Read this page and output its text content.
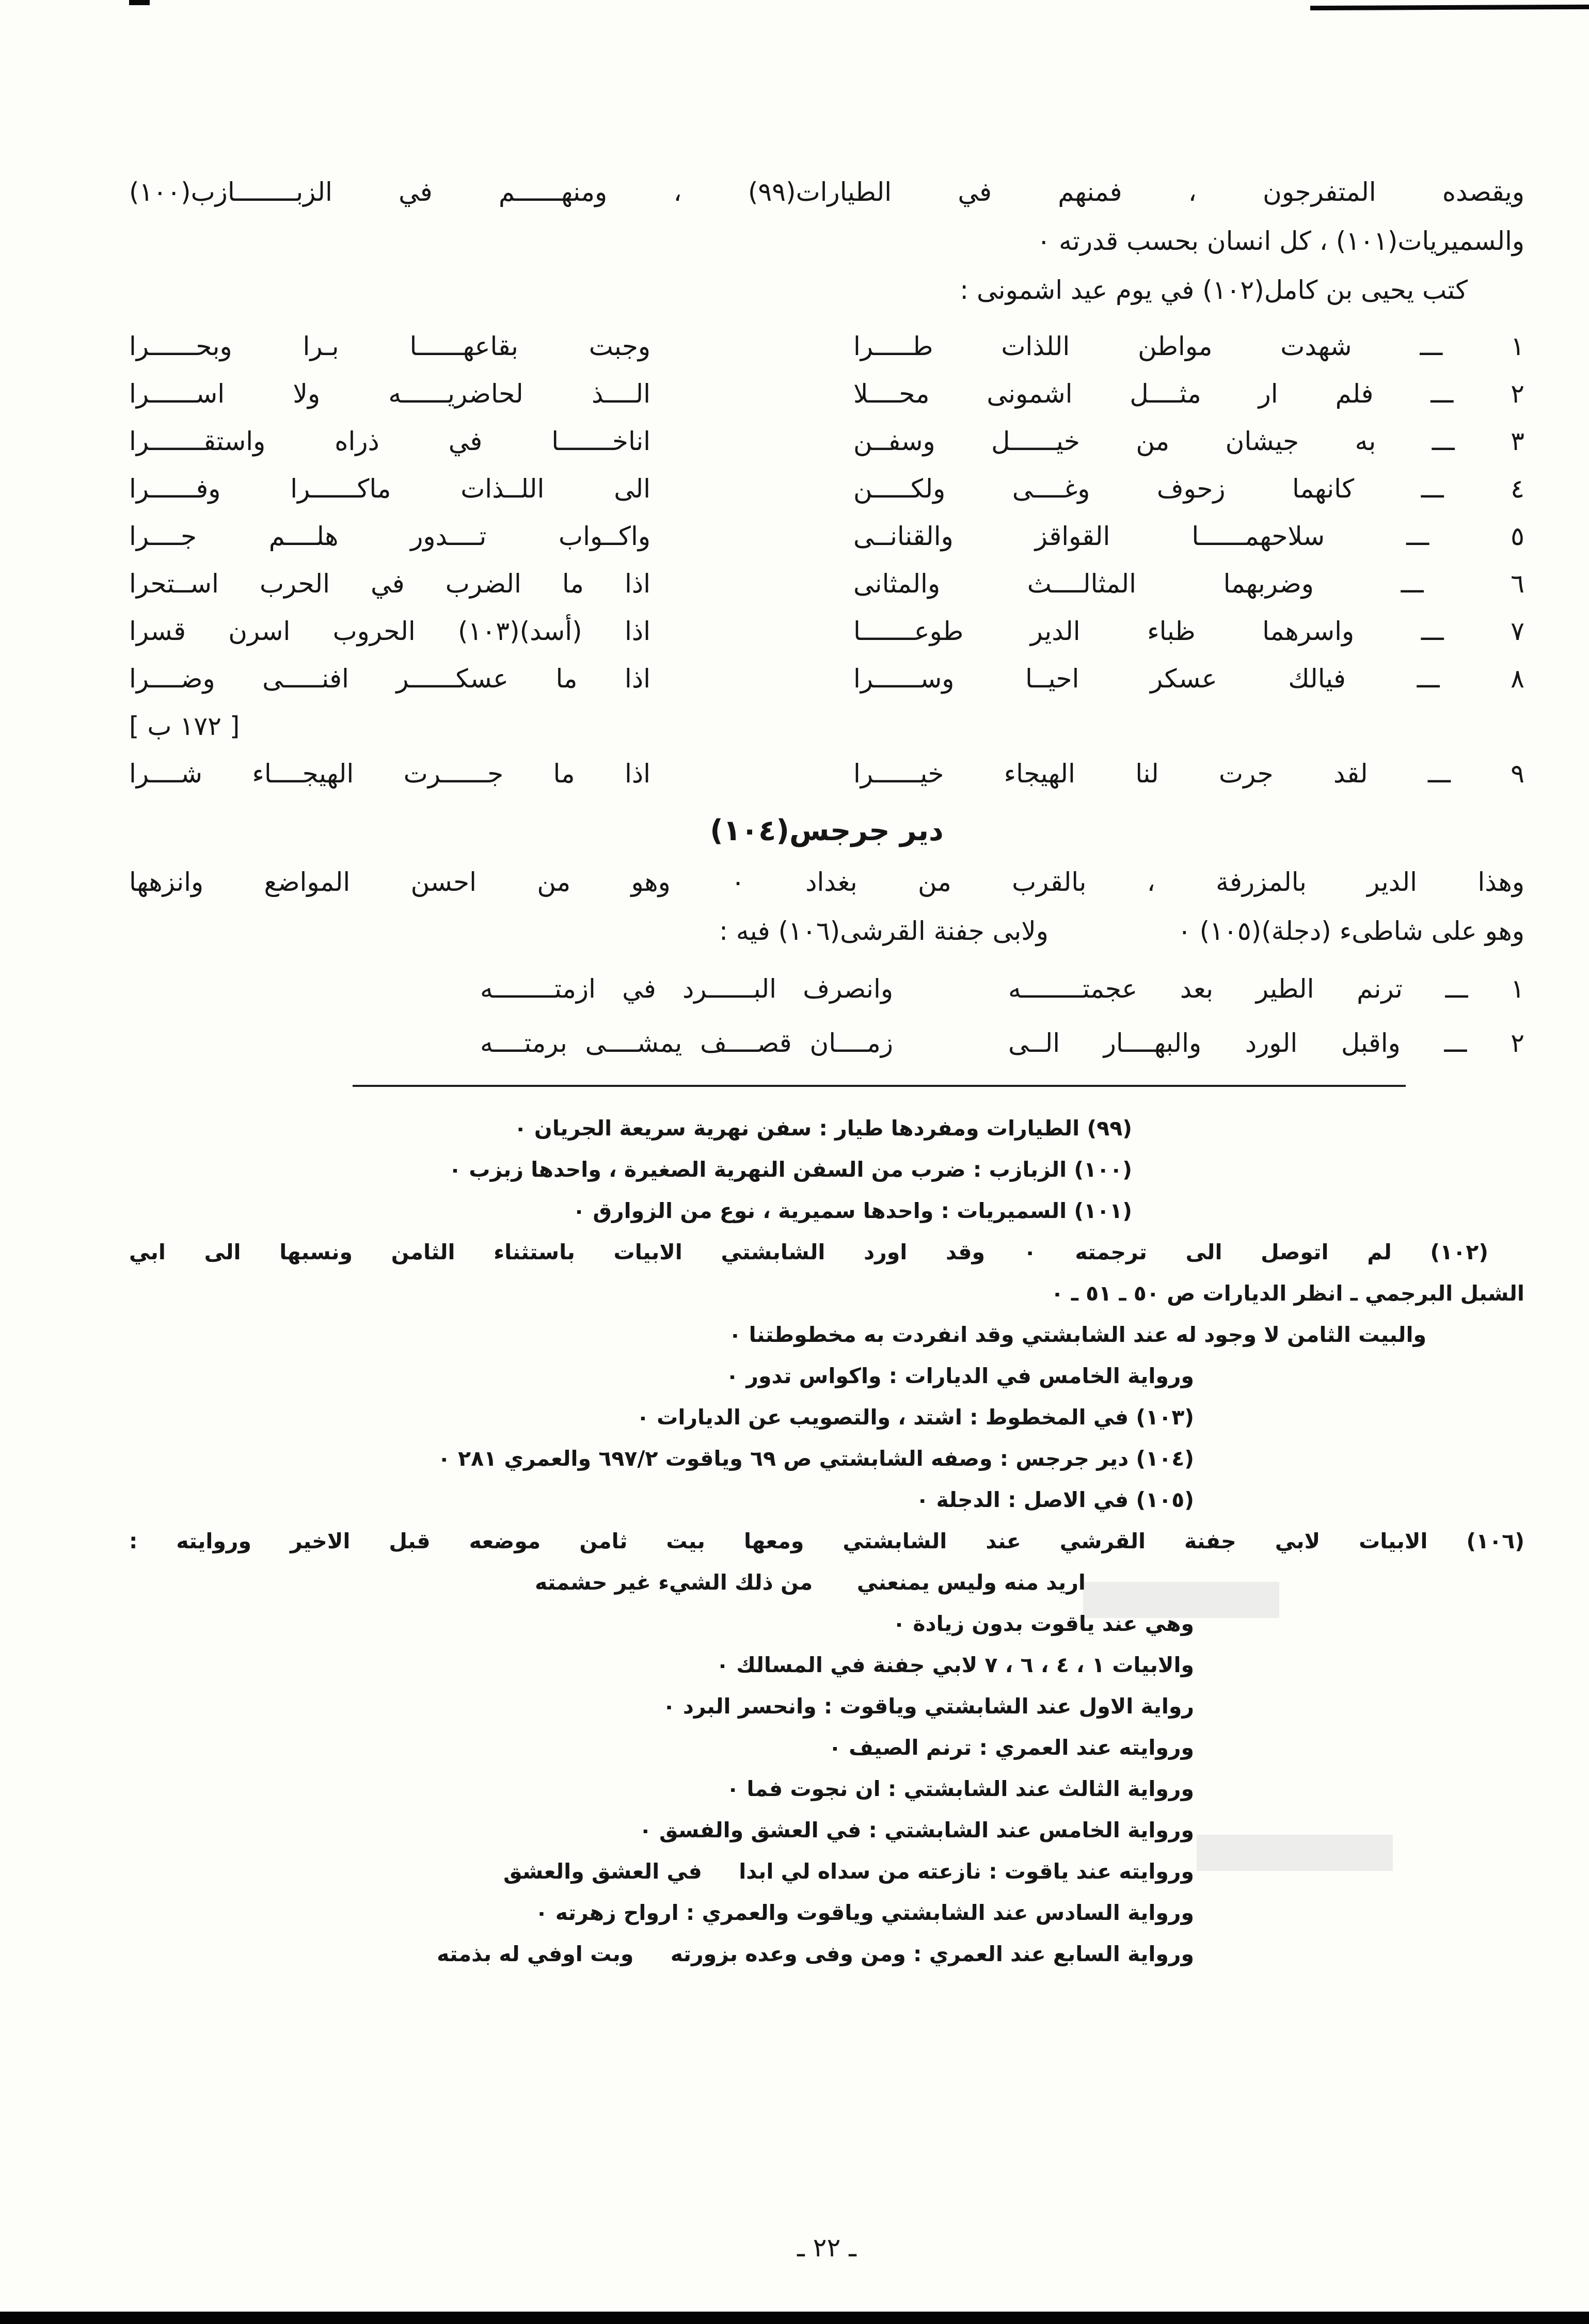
ويقصده المتفرجون ، فمنهم في الطيارات(٩٩) ، ومنهــــــم في الزبــــــــازب(١٠٠)
والسميريات(١٠١) ، كل انسان بحسب قدرته ٠
كتب يحيى بن كامل(١٠٢) في يوم عيد اشمونى :
١ ـــ شهدت مواطن اللذات طـــــرا
وجبت بقاعهــــــا بـرا وبحــــــرا
٢ ـــ فلم ار مثــــل اشمونى محــــلا
الــــذ لحاضريــــــه ولا اســــــرا
٣ ـــ به جيشان من خيــــــل وسفــن
اناخـــــــا في ذراه واستقـــــــرا
٤ ـــ كانهما زحوف وغــــى ولكـــــن
الى اللــذات ماكــــــرا وفــــــرا
٥ ـــ سلاحهمــــــا القواقز والقنانــى
واكــواب تــــدور هلــــم جــــرا
٦ ـــ وضربهما المثالــــث والمثانى
اذا ما الضرب في الحرب اســتحرا
٧ ـــ واسرهما ظباء الدير طوعـــــــا
اذا (أسد)(١٠٣) الحروب اسرن قسرا
٨ ـــ فيالك عسكر احيــا وســــــرا
اذا ما عسكــــــر افنـــــى وضــــرا
[ ١٧٢ ب ]
٩ ـــ لقد جرت لنا الهيجاء خيــــــرا
اذا ما جــــــرت الهيجــــاء شــــرا
دير جرجس(١٠٤)
وهذا الدير بالمزرفة ، بالقرب من بغداد ٠ وهو من احسن المواضع وانزهها
وهو على شاطىء (دجلة)(١٠٥) ٠
ولابى جفنة القرشى(١٠٦) فيه :
١ ـــ ترنم الطير بعد عجمتــــــــه
وانصرف البــــــرد في ازمتــــــــه
٢ ـــ واقبل الورد والبهــــار الــى
زمــــان قصــــف يمشــــى برمتــــه
(٩٩) الطيارات ومفردها طيار : سفن نهرية سريعة الجريان ٠
(١٠٠) الزبازب : ضرب من السفن النهرية الصغيرة ، واحدها زبزب ٠
(١٠١) السميريات : واحدها سميرية ، نوع من الزوارق ٠
(١٠٢) لم اتوصل الى ترجمته ٠ وقد اورد الشابشتي الابيات باستثناء الثامن ونسبها الى ابي
الشبل البرجمي ـ انظر الديارات ص ٥٠ ـ ٥١ ـ ٠
والبيت الثامن لا وجود له عند الشابشتي وقد انفردت به مخطوطتنا ٠
ورواية الخامس في الديارات : واكواس تدور ٠
(١٠٣) في المخطوط : اشتد ، والتصويب عن الديارات ٠
(١٠٤) دير جرجس : وصفه الشابشتي ص ٦٩ وياقوت ٦٩٧/٢ والعمري ٢٨١ ٠
(١٠٥) في الاصل : الدجلة ٠
(١٠٦) الابيات لابي جفنة القرشي عند الشابشتي ومعها بيت ثامن موضعه قبل الاخير وروايته :
اريد منه وليس يمنعني      من ذلك الشيء غير حشمته
وهي عند ياقوت بدون زيادة ٠
والابيات ١ ، ٤ ، ٦ ، ٧ لابي جفنة في المسالك ٠
رواية الاول عند الشابشتي وياقوت : وانحسر البرد ٠
وروايته عند العمري : ترنم الصيف ٠
ورواية الثالث عند الشابشتي : ان نجوت فما ٠
ورواية الخامس عند الشابشتي : في العشق والفسق ٠
وروايته عند ياقوت : نازعته من سداه لي ابدا     في العشق والعشق
ورواية السادس عند الشابشتي وياقوت والعمري : ارواح زهرته ٠
ورواية السابع عند العمري : ومن وفى وعده بزورته     وبت اوفي له بذمته
ـ ٢٢ ـ
